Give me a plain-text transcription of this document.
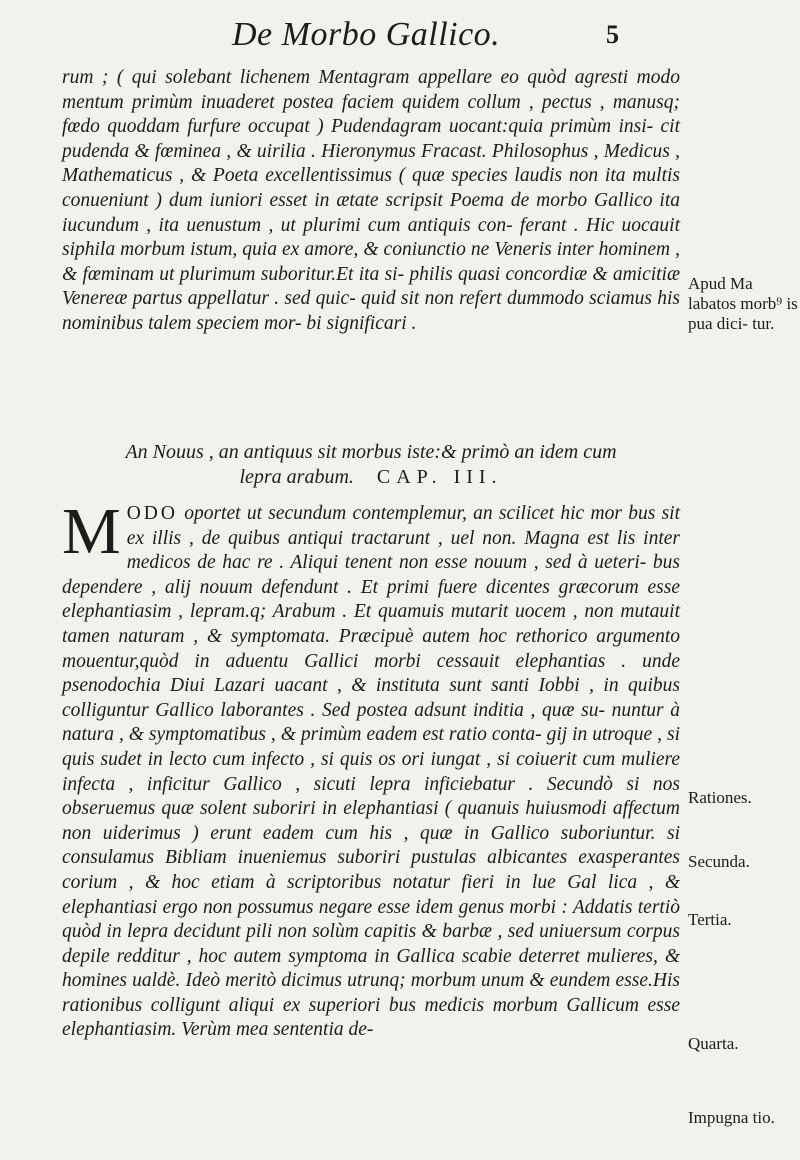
De Morbo Gallico.	5
rum ; ( qui solebant lichenem Mentagram appellare eo quòd agresti modo mentum primùm inuaderet postea faciem quidem collum , pectus , manusq; fœdo quoddam furfure occupat ) Pudendagram uocant:quia primùm insi- cit pudenda & fœminea , & uirilia . Hieronymus Fracast. Philosophus , Medicus , Mathematicus , & Poeta excellentissimus ( quæ species laudis non ita multis conueniunt ) dum iuniori esset in ætate scripsit Poema de morbo Gallico ita iucundum , ita uenustum , ut plurimi cum antiquis con- ferant . Hic uocauit siphila morbum istum, quia ex amore, & coniunctio ne Veneris inter hominem , & fœminam ut plurimum suboritur.Et ita si- philis quasi concordiæ & amicitiæ Venereæ partus appellatur . sed quic- quid sit non refert dummodo sciamus his nominibus talem speciem mor- bi significari .
An Nouus , an antiquus sit morbus iste:& primò an idem cum
lepra arabum. CAP. III.
MODO oportet ut secundum contemplemur, an scilicet hic mor bus sit ex illis , de quibus antiqui tractarunt , uel non. Magna est lis inter medicos de hac re . Aliqui tenent non esse nouum , sed à ueteri- bus dependere , alij nouum defendunt . Et primi fuere dicentes græcorum esse elephantiasim , lepram.q; Arabum . Et quamuis mutarit uocem , non mutauit tamen naturam , & symptomata. Præcipuè autem hoc rethorico argumento mouentur,quòd in aduentu Gallici morbi cessauit elephantias . unde psenodochia Diui Lazari uacant , & instituta sunt santi Iobbi , in quibus colliguntur Gallico laborantes . Sed postea adsunt inditia , quæ su- nuntur à natura , & symptomatibus , & primùm eadem est ratio conta- gij in utroque , si quis sudet in lecto cum infecto , si quis os ori iungat , si coiuerit cum muliere infecta , inficitur Gallico , sicuti lepra inficiebatur . Secundò si nos obseruemus quæ solent suboriri in elephantiasi ( quanuis huiusmodi affectum non uiderimus ) erunt eadem cum his , quæ in Gallico suboriuntur. si consulamus Bibliam inueniemus suboriri pustulas albicantes exasperantes corium , & hoc etiam à scriptoribus notatur fieri in lue Gal lica , & elephantiasi ergo non possumus negare esse idem genus morbi : Addatis tertiò quòd in lepra decidunt pili non solùm capitis & barbæ , sed uniuersum corpus depile redditur , hoc autem symptoma in Gallica scabie deterret mulieres, & homines ualdè. Ideò meritò dicimus utrunq; morbum unum & eundem esse.His rationibus colligunt aliqui ex superiori bus medicis morbum Gallicum esse elephantiasim. Verùm mea sententia de-
Apud Ma labatos morb⁹ is pua dici- tur.
Rationes.
Secunda.
Tertia.
Quarta.
Impugna tio.
